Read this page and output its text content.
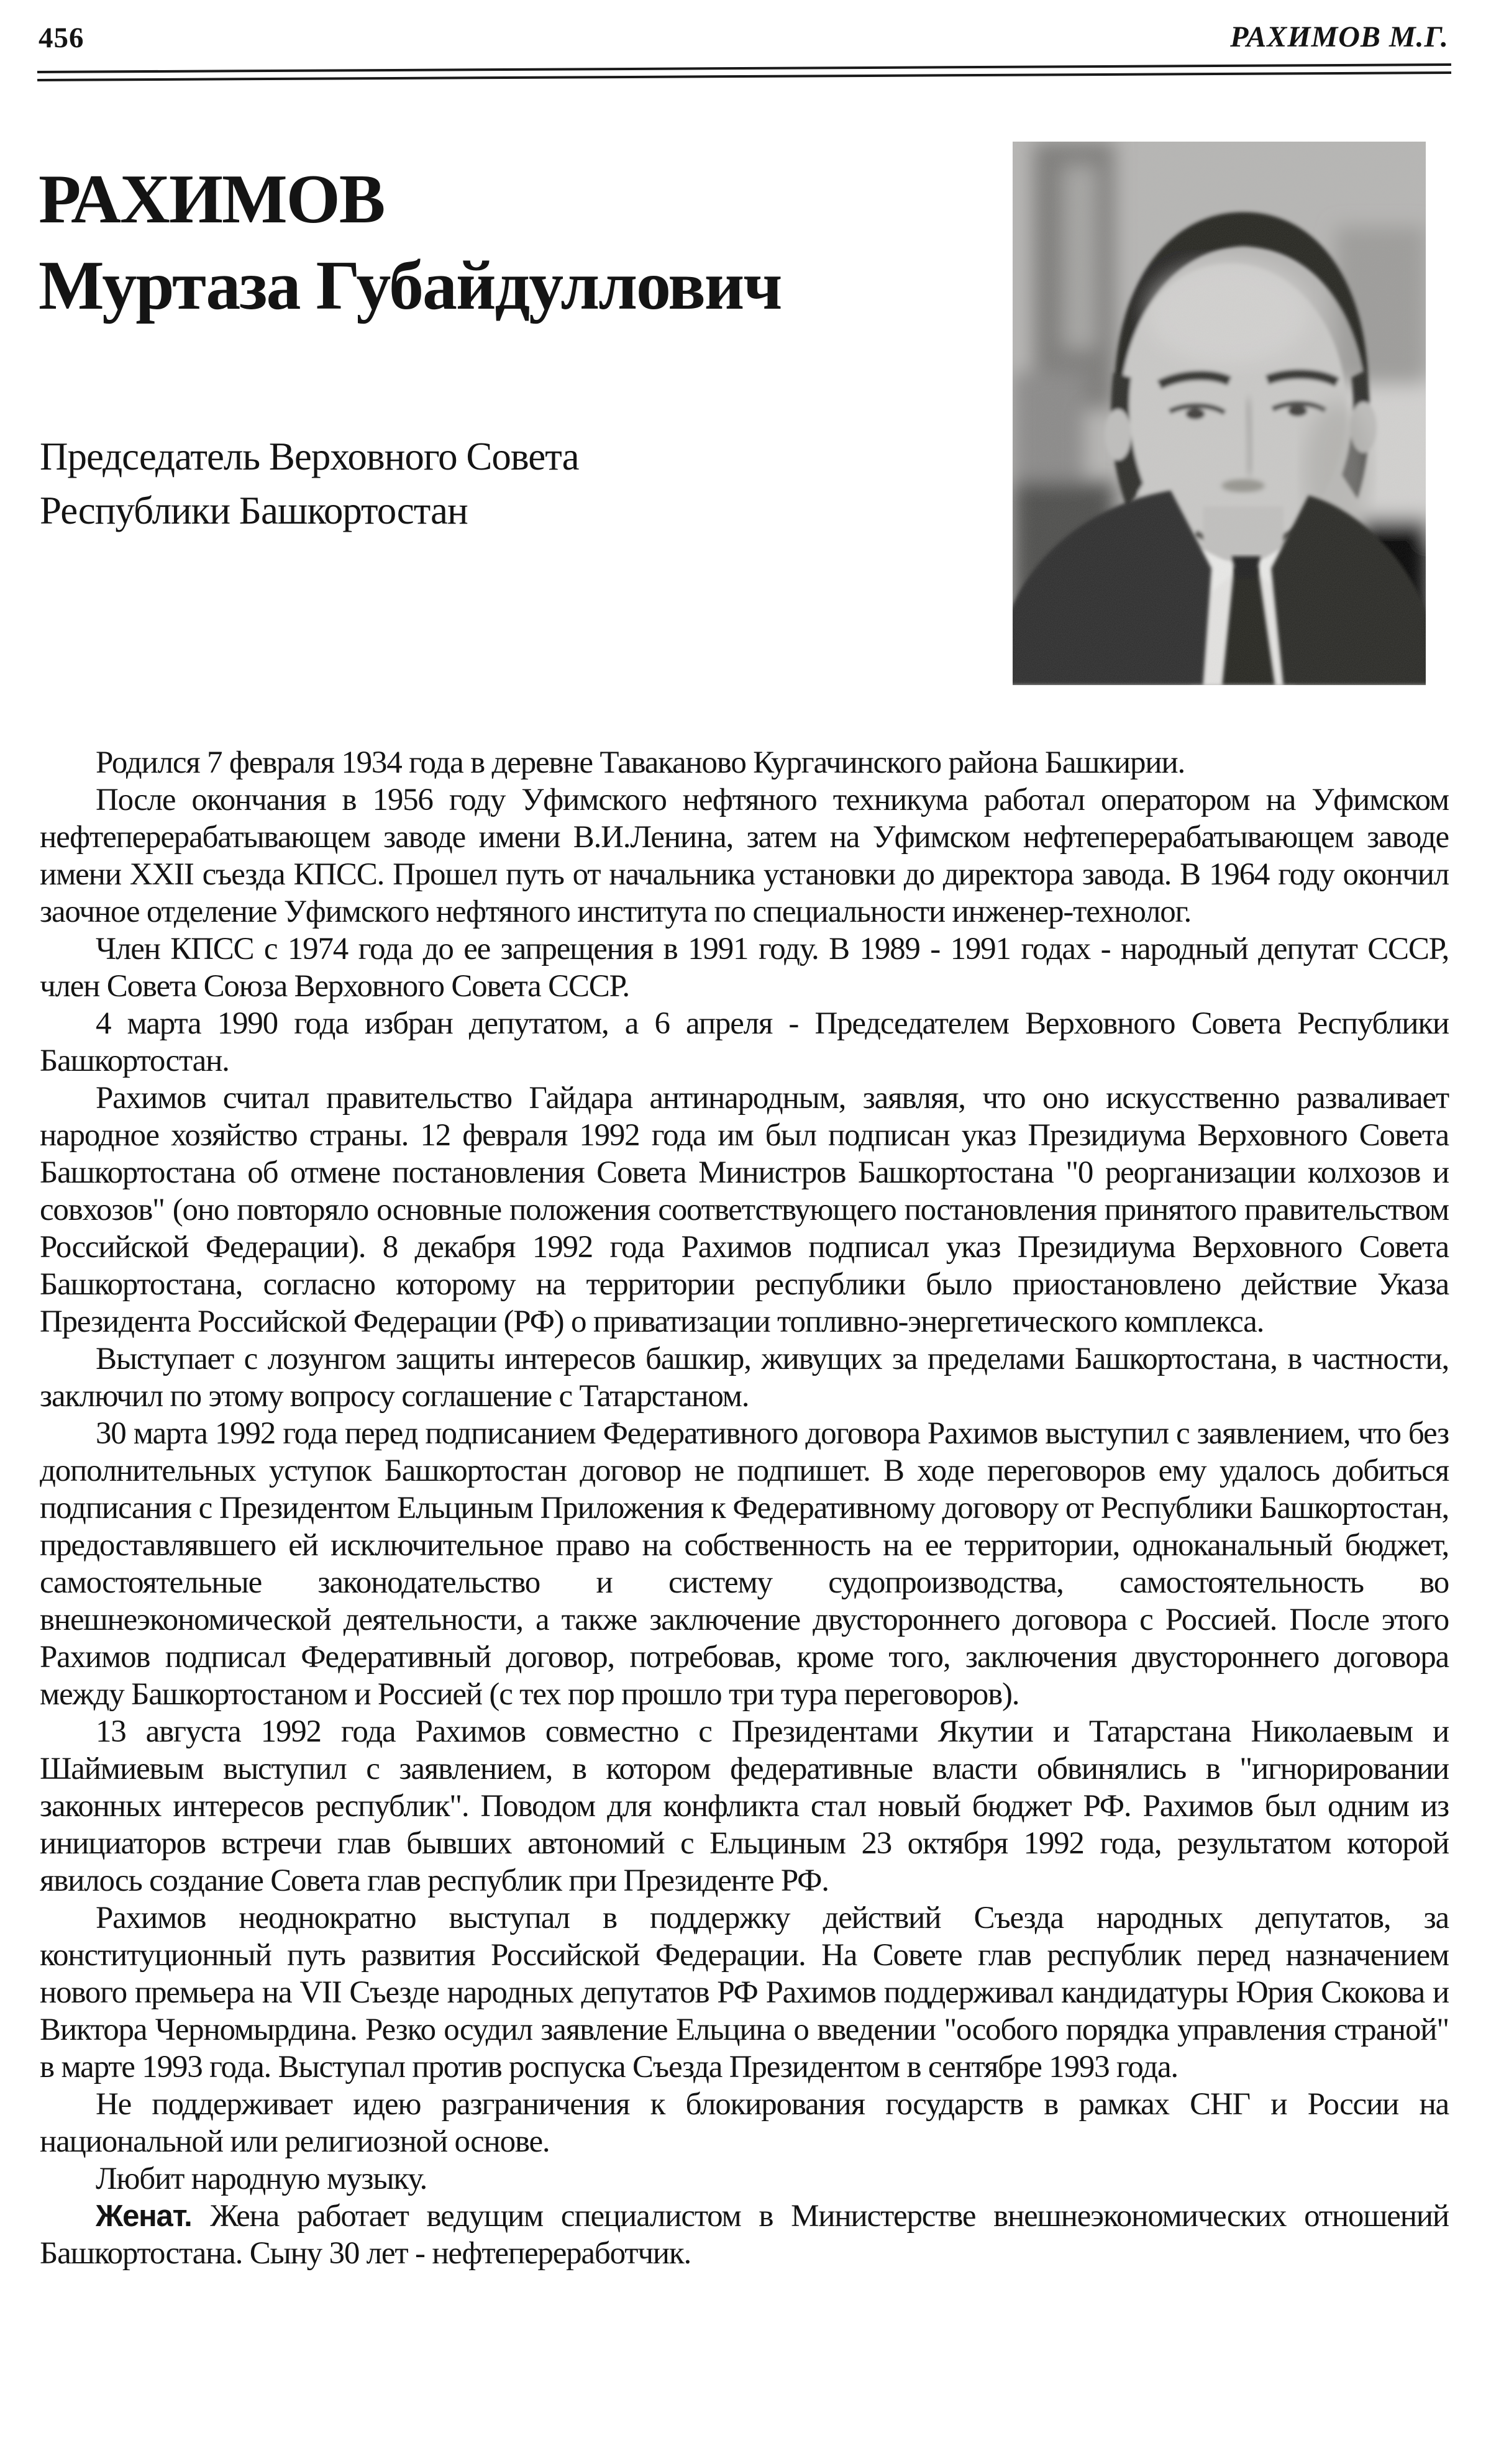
456	РАХИМОВ М.Г.
РАХИМОВ
Муртаза Губайдуллович
Председатель Верховного Совета
Республики Башкортостан

Родился 7 февраля 1934 года в деревне Таваканово Кургачинского района Башкирии.

После окончания в 1956 году Уфимского нефтяного техникума работал оператором на Уфимском нефтеперерабатывающем заводе имени В.И.Ленина, затем на Уфимском нефтеперерабатывающем заводе имени XXII съезда КПСС. Прошел путь от начальника установки до директора завода. В 1964 году окончил заочное отделение Уфимского нефтяного института по специальности инженер-технолог.

Член КПСС с 1974 года до ее запрещения в 1991 году. В 1989 - 1991 годах - народный депутат СССР, член Совета Союза Верховного Совета СССР.

4 марта 1990 года избран депутатом, а 6 апреля - Председателем Верховного Совета Республики Башкортостан.

Рахимов считал правительство Гайдара антинародным, заявляя, что оно искусственно разваливает народное хозяйство страны. 12 февраля 1992 года им был подписан указ Президиума Верховного Совета Башкортостана об отмене постановления Совета Министров Башкортостана "0 реорганизации колхозов и совхозов" (оно повторяло основные положения соответствующего постановления принятого правительством Российской Федерации). 8 декабря 1992 года Рахимов подписал указ Президиума Верховного Совета Башкортостана, согласно которому на территории республики было приостановлено действие Указа Президента Российской Федерации (РФ) о приватизации топливно-энергетического комплекса.

Выступает с лозунгом защиты интересов башкир, живущих за пределами Башкортостана, в частности, заключил по этому вопросу соглашение с Татарстаном.

30 марта 1992 года перед подписанием Федеративного договора Рахимов выступил с заявлением, что без дополнительных уступок Башкортостан договор не подпишет. В ходе переговоров ему удалось добиться подписания с Президентом Ельциным Приложения к Федеративному договору от Республики Башкортостан, предоставлявшего ей исключительное право на собственность на ее территории, одноканальный бюджет, самостоятельные законодательство и систему судопроизводства, самостоятельность во внешнеэкономической деятельности, а также заключение двустороннего договора с Россией. После этого Рахимов подписал Федеративный договор, потребовав, кроме того, заключения двустороннего договора между Башкортостаном и Россией (с тех пор прошло три тура переговоров).

13 августа 1992 года Рахимов совместно с Президентами Якутии и Татарстана Николаевым и Шаймиевым выступил с заявлением, в котором федеративные власти обвинялись в "игнорировании законных интересов республик". Поводом для конфликта стал новый бюджет РФ. Рахимов был одним из инициаторов встречи глав бывших автономий с Ельциным 23 октября 1992 года, результатом которой явилось создание Совета глав республик при Президенте РФ.

Рахимов неоднократно выступал в поддержку действий Съезда народных депутатов, за конституционный путь развития Российской Федерации. На Совете глав республик перед назначением нового премьера на VII Съезде народных депутатов РФ Рахимов поддерживал кандидатуры Юрия Скокова и Виктора Черномырдина. Резко осудил заявление Ельцина о введении "особого порядка управления страной" в марте 1993 года. Выступал против роспуска Съезда Президентом в сентябре 1993 года.

Не поддерживает идею разграничения к блокирования государств в рамках СНГ и России на национальной или религиозной основе.

Любит народную музыку.

Женат. Жена работает ведущим специалистом в Министерстве внешнеэкономических отношений Башкортостана. Сыну 30 лет - нефтепереработчик.
